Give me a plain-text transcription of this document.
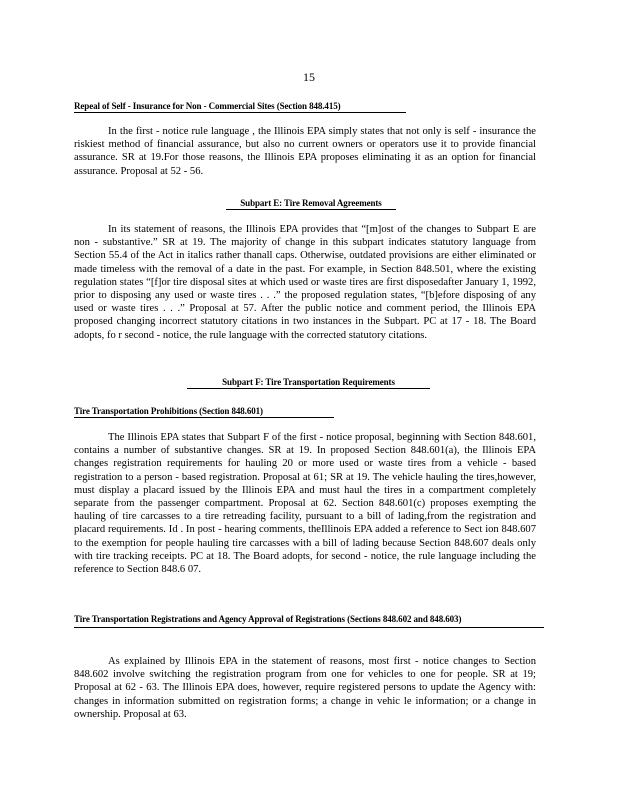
15
Repeal of Self - Insurance for Non - Commercial Sites (Section 848.415)

In the first - notice rule language , the Illinois EPA simply states that not only is self - insurance the riskiest method of financial assurance, but also no current owners or operators use it to provide financial assurance. SR at 19.For those reasons, the Illinois EPA proposes eliminating it as an option for financial assurance. Proposal at 52 - 56.

Subpart E: Tire Removal Agreements

In its statement of reasons, the Illinois EPA provides that “[m]ost of the changes to Subpart E are non - substantive.” SR at 19. The majority of change in this subpart indicates statutory language from Section 55.4 of the Act in italics rather thanall caps. Otherwise, outdated provisions are either eliminated or made timeless with the removal of a date in the past. For example, in Section 848.501, where the existing regulation states “[f]or tire disposal sites at which used or waste tires are first disposedafter January 1, 1992, prior to disposing any used or waste tires . . .” the proposed regulation states, “[b]efore disposing of any used or waste tires . . .” Proposal at 57. After the public notice and comment period, the Illinois EPA proposed changing incorrect statutory citations in two instances in the Subpart. PC at 17 - 18. The Board adopts, fo r second - notice, the rule language with the corrected statutory citations.

Subpart F: Tire Transportation Requirements
Tire Transportation Prohibitions (Section 848.601)

The Illinois EPA states that Subpart F of the first - notice proposal, beginning with Section 848.601, contains a number of substantive changes. SR at 19. In proposed Section 848.601(a), the Illinois EPA changes registration requirements for hauling 20 or more used or waste tires from a vehicle - based registration to a person - based registration. Proposal at 61; SR at 19. The vehicle hauling the tires,however, must display a placard issued by the Illinois EPA and must haul the tires in a compartment completely separate from the passenger compartment. Proposal at 62. Section 848.601(c) proposes exempting the hauling of tire carcasses to a tire retreading facility, pursuant to a bill of lading,from the registration and placard requirements. Id . In post - hearing comments, theIllinois EPA added a reference to Sect ion 848.607 to the exemption for people hauling tire carcasses with a bill of lading because Section 848.607 deals only with tire tracking receipts. PC at 18. The Board adopts, for second - notice, the rule language including the reference to Section 848.6 07.

Tire Transportation Registrations and Agency Approval of Registrations (Sections 848.602 and 848.603)

As explained by Illinois EPA in the statement of reasons, most first - notice changes to Section 848.602 involve switching the registration program from one for vehicles to one for people. SR at 19; Proposal at 62 - 63. The Illinois EPA does, however, require registered persons to update the Agency with: changes in information submitted on registration forms; a change in vehic le information; or a change in ownership. Proposal at 63.
